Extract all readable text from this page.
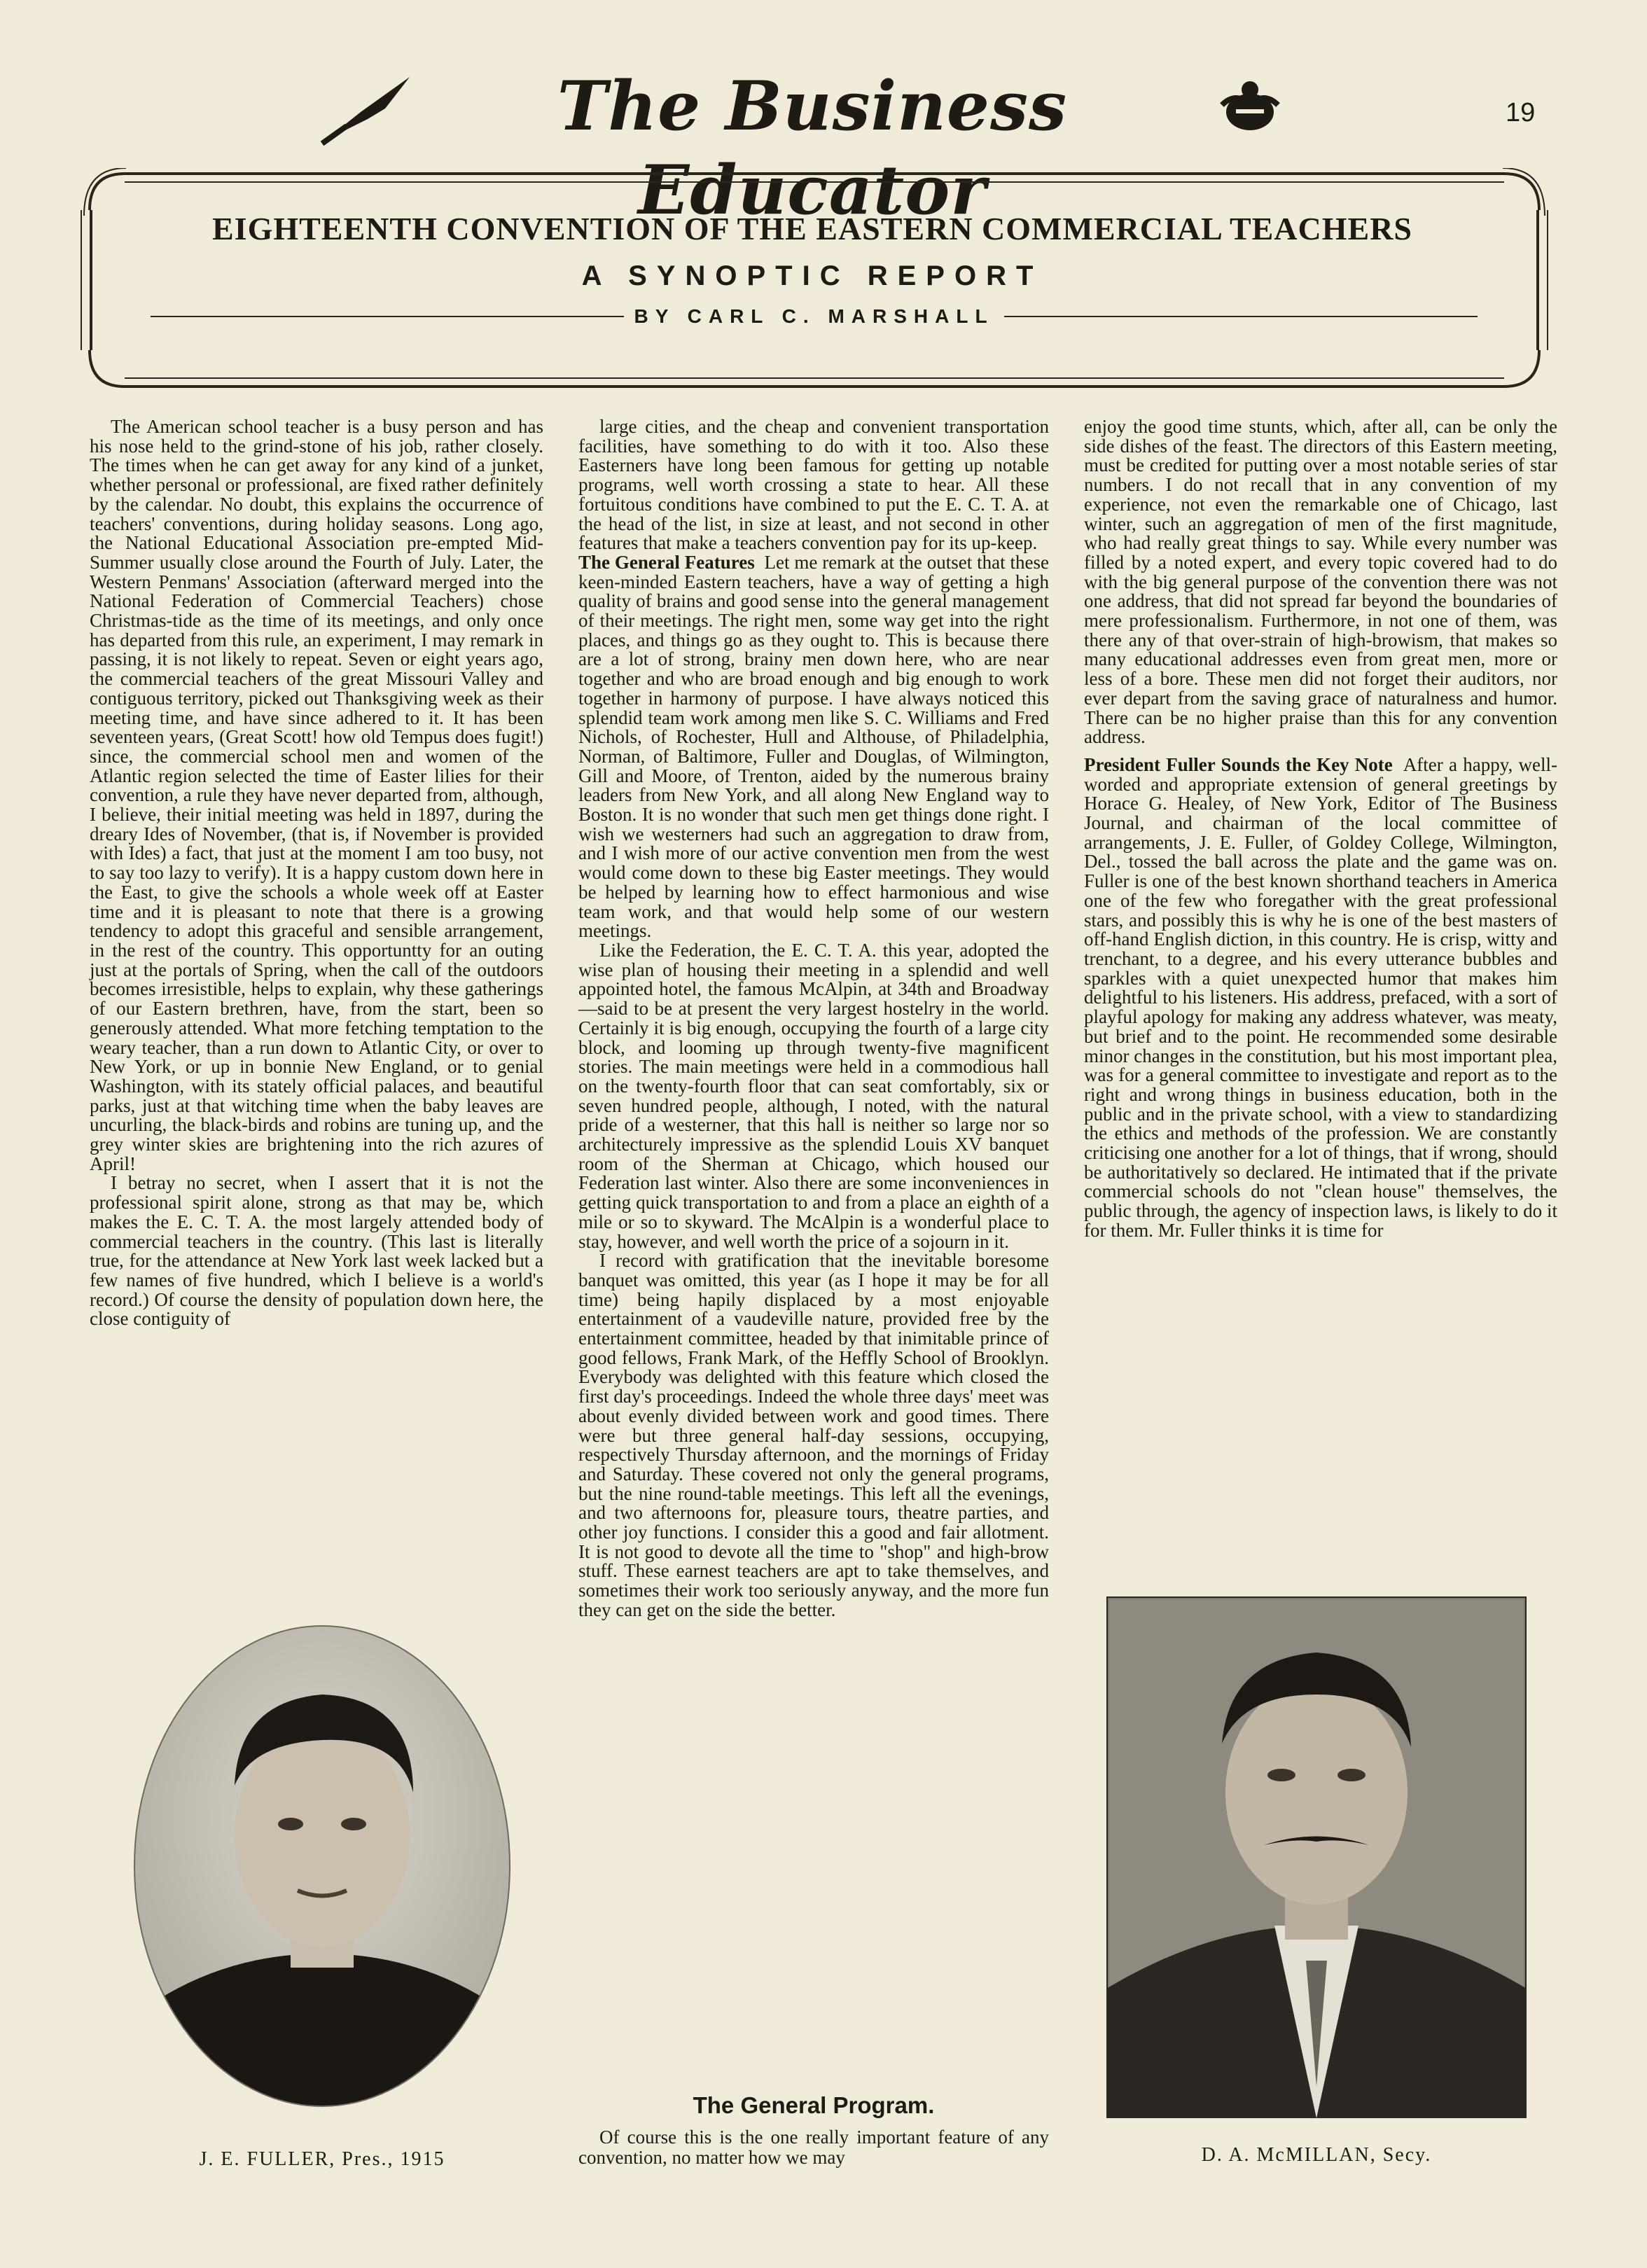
The Business Educator
19
EIGHTEENTH CONVENTION OF THE EASTERN COMMERCIAL TEACHERS
A SYNOPTIC REPORT
BY CARL C. MARSHALL

The American school teacher is a busy person and has his nose held to the grind-stone of his job, rather closely. The times when he can get away for any kind of a junket, whether personal or professional, are fixed rather definitely by the calendar. No doubt, this explains the occurrence of teachers' conventions, during holiday seasons. Long ago, the National Educational Association pre-empted Mid-Summer usually close around the Fourth of July. Later, the Western Penmans' Association (afterward merged into the National Federation of Commercial Teachers) chose Christmas-tide as the time of its meetings, and only once has departed from this rule, an experiment, I may remark in passing, it is not likely to repeat. Seven or eight years ago, the commercial teachers of the great Missouri Valley and contiguous territory, picked out Thanksgiving week as their meeting time, and have since adhered to it. It has been seventeen years, (Great Scott! how old Tempus does fugit!) since, the commercial school men and women of the Atlantic region selected the time of Easter lilies for their convention, a rule they have never departed from, although, I believe, their initial meeting was held in 1897, during the dreary Ides of November, (that is, if November is provided with Ides) a fact, that just at the moment I am too busy, not to say too lazy to verify). It is a happy custom down here in the East, to give the schools a whole week off at Easter time and it is pleasant to note that there is a growing tendency to adopt this graceful and sensible arrangement, in the rest of the country. This opportuntty for an outing just at the portals of Spring, when the call of the outdoors becomes irresistible, helps to explain, why these gatherings of our Eastern brethren, have, from the start, been so generously attended. What more fetching temptation to the weary teacher, than a run down to Atlantic City, or over to New York, or up in bonnie New England, or to genial Washington, with its stately official palaces, and beautiful parks, just at that witching time when the baby leaves are uncurling, the black-birds and robins are tuning up, and the grey winter skies are brightening into the rich azures of April!

I betray no secret, when I assert that it is not the professional spirit alone, strong as that may be, which makes the E. C. T. A. the most largely attended body of commercial teachers in the country. (This last is literally true, for the attendance at New York last week lacked but a few names of five hundred, which I believe is a world's record.) Of course the density of population down here, the close contiguity of

large cities, and the cheap and convenient transportation facilities, have something to do with it too. Also these Easterners have long been famous for getting up notable programs, well worth crossing a state to hear. All these fortuitous conditions have combined to put the E. C. T. A. at the head of the list, in size at least, and not second in other features that make a teachers convention pay for its up-keep.

The General Features Let me remark at the outset that these keen-minded Eastern teachers, have a way of getting a high quality of brains and good sense into the general management of their meetings. The right men, some way get into the right places, and things go as they ought to. This is because there are a lot of strong, brainy men down here, who are near together and who are broad enough and big enough to work together in harmony of purpose. I have always noticed this splendid team work among men like S. C. Williams and Fred Nichols, of Rochester, Hull and Althouse, of Philadelphia, Norman, of Baltimore, Fuller and Douglas, of Wilmington, Gill and Moore, of Trenton, aided by the numerous brainy leaders from New York, and all along New England way to Boston. It is no wonder that such men get things done right. I wish we westerners had such an aggregation to draw from, and I wish more of our active convention men from the west would come down to these big Easter meetings. They would be helped by learning how to effect harmonious and wise team work, and that would help some of our western meetings.

Like the Federation, the E. C. T. A. this year, adopted the wise plan of housing their meeting in a splendid and well appointed hotel, the famous McAlpin, at 34th and Broadway—said to be at present the very largest hostelry in the world. Certainly it is big enough, occupying the fourth of a large city block, and looming up through twenty-five magnificent stories. The main meetings were held in a commodious hall on the twenty-fourth floor that can seat comfortably, six or seven hundred people, although, I noted, with the natural pride of a westerner, that this hall is neither so large nor so architecturely impressive as the splendid Louis XV banquet room of the Sherman at Chicago, which housed our Federation last winter. Also there are some inconveniences in getting quick transportation to and from a place an eighth of a mile or so to skyward. The McAlpin is a wonderful place to stay, however, and well worth the price of a sojourn in it.

I record with gratification that the inevitable boresome banquet was omitted, this year (as I hope it may be for all time) being hapily displaced by a most enjoyable entertainment of a vaudeville nature, provided free by the entertainment committee, headed by that inimitable prince of good fellows, Frank Mark, of the Heffly School of Brooklyn. Everybody was delighted with this feature which closed the first day's proceedings. Indeed the whole three days' meet was about evenly divided between work and good times. There were but three general half-day sessions, occupying, respectively Thursday afternoon, and the mornings of Friday and Saturday. These covered not only the general programs, but the nine round-table meetings. This left all the evenings, and two afternoons for, pleasure tours, theatre parties, and other joy functions. I consider this a good and fair allotment. It is not good to devote all the time to "shop" and high-brow stuff. These earnest teachers are apt to take themselves, and sometimes their work too seriously anyway, and the more fun they can get on the side the better.

The General Program.
Of course this is the one really important feature of any convention, no matter how we may

enjoy the good time stunts, which, after all, can be only the side dishes of the feast. The directors of this Eastern meeting, must be credited for putting over a most notable series of star numbers. I do not recall that in any convention of my experience, not even the remarkable one of Chicago, last winter, such an aggregation of men of the first magnitude, who had really great things to say. While every number was filled by a noted expert, and every topic covered had to do with the big general purpose of the convention there was not one address, that did not spread far beyond the boundaries of mere professionalism. Furthermore, in not one of them, was there any of that over-strain of high-browism, that makes so many educational addresses even from great men, more or less of a bore. These men did not forget their auditors, nor ever depart from the saving grace of naturalness and humor. There can be no higher praise than this for any convention address.

President Fuller Sounds the Key Note After a happy, well-worded and appropriate extension of general greetings by Horace G. Healey, of New York, Editor of The Business Journal, and chairman of the local committee of arrangements, J. E. Fuller, of Goldey College, Wilmington, Del., tossed the ball across the plate and the game was on. Fuller is one of the best known shorthand teachers in America one of the few who foregather with the great professional stars, and possibly this is why he is one of the best masters of off-hand English diction, in this country. He is crisp, witty and trenchant, to a degree, and his every utterance bubbles and sparkles with a quiet unexpected humor that makes him delightful to his listeners. His address, prefaced, with a sort of playful apology for making any address whatever, was meaty, but brief and to the point. He recommended some desirable minor changes in the constitution, but his most important plea, was for a general committee to investigate and report as to the right and wrong things in business education, both in the public and in the private school, with a view to standardizing the ethics and methods of the profession. We are constantly criticising one another for a lot of things, that if wrong, should be authoritatively so declared. He intimated that if the private commercial schools do not "clean house" themselves, the public through, the agency of inspection laws, is likely to do it for them. Mr. Fuller thinks it is time for

J. E. FULLER, Pres., 1915	D. A. McMILLAN, Secy.
